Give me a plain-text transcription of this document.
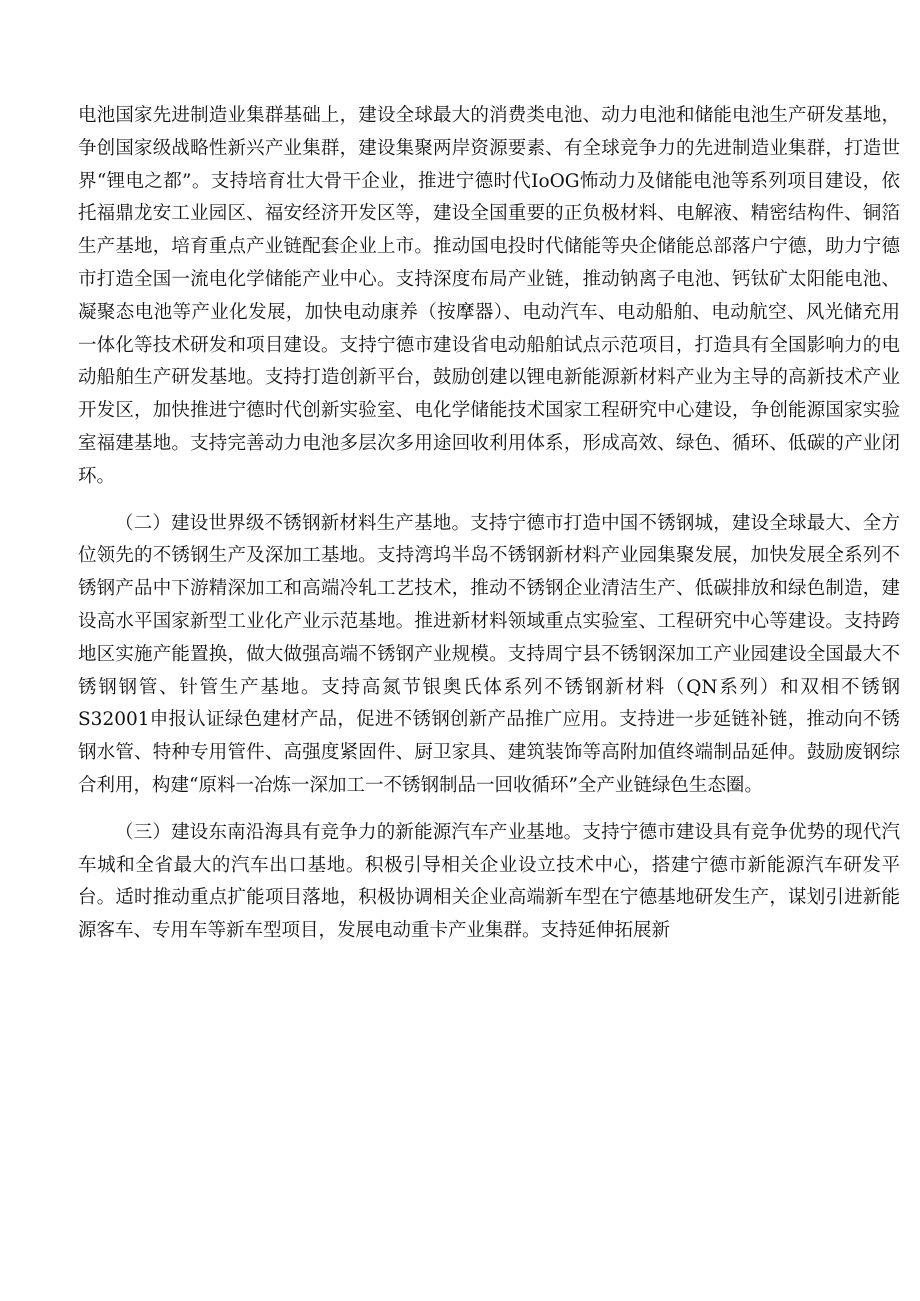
电池国家先进制造业集群基础上，建设全球最大的消费类电池、动力电池和储能电池生产研发基地，争创国家级战略性新兴产业集群，建设集聚两岸资源要素、有全球竞争力的先进制造业集群，打造世界“锂电之都”。支持培育壮大骨干企业，推进宁德时代IoOG怖动力及储能电池等系列项目建设，依托福鼎龙安工业园区、福安经济开发区等，建设全国重要的正负极材料、电解液、精密结构件、铜箔生产基地，培育重点产业链配套企业上市。推动国电投时代储能等央企储能总部落户宁德，助力宁德市打造全国一流电化学储能产业中心。支持深度布局产业链，推动钠离子电池、钙钛矿太阳能电池、凝聚态电池等产业化发展，加快电动康养（按摩器）、电动汽车、电动船舶、电动航空、风光储充用一体化等技术研发和项目建设。支持宁德市建设省电动船舶试点示范项目，打造具有全国影响力的电动船舶生产研发基地。支持打造创新平台，鼓励创建以锂电新能源新材料产业为主导的高新技术产业开发区，加快推进宁德时代创新实验室、电化学储能技术国家工程研究中心建设，争创能源国家实验室福建基地。支持完善动力电池多层次多用途回收利用体系，形成高效、绿色、循环、低碳的产业闭环。

（二）建设世界级不锈钢新材料生产基地。支持宁德市打造中国不锈钢城，建设全球最大、全方位领先的不锈钢生产及深加工基地。支持湾坞半岛不锈钢新材料产业园集聚发展，加快发展全系列不锈钢产品中下游精深加工和高端冷轧工艺技术，推动不锈钢企业清洁生产、低碳排放和绿色制造，建设高水平国家新型工业化产业示范基地。推进新材料领域重点实验室、工程研究中心等建设。支持跨地区实施产能置换，做大做强高端不锈钢产业规模。支持周宁县不锈钢深加工产业园建设全国最大不锈钢钢管、针管生产基地。支持高氮节银奥氏体系列不锈钢新材料（QN系列）和双相不锈钢S32001申报认证绿色建材产品，促进不锈钢创新产品推广应用。支持进一步延链补链，推动向不锈钢水管、特种专用管件、高强度紧固件、厨卫家具、建筑装饰等高附加值终端制品延伸。鼓励废钢综合利用，构建“原料一冶炼一深加工一不锈钢制品一回收循环”全产业链绿色生态圈。

（三）建设东南沿海具有竞争力的新能源汽车产业基地。支持宁德市建设具有竞争优势的现代汽车城和全省最大的汽车出口基地。积极引导相关企业设立技术中心，搭建宁德市新能源汽车研发平台。适时推动重点扩能项目落地，积极协调相关企业高端新车型在宁德基地研发生产，谋划引进新能源客车、专用车等新车型项目，发展电动重卡产业集群。支持延伸拓展新
